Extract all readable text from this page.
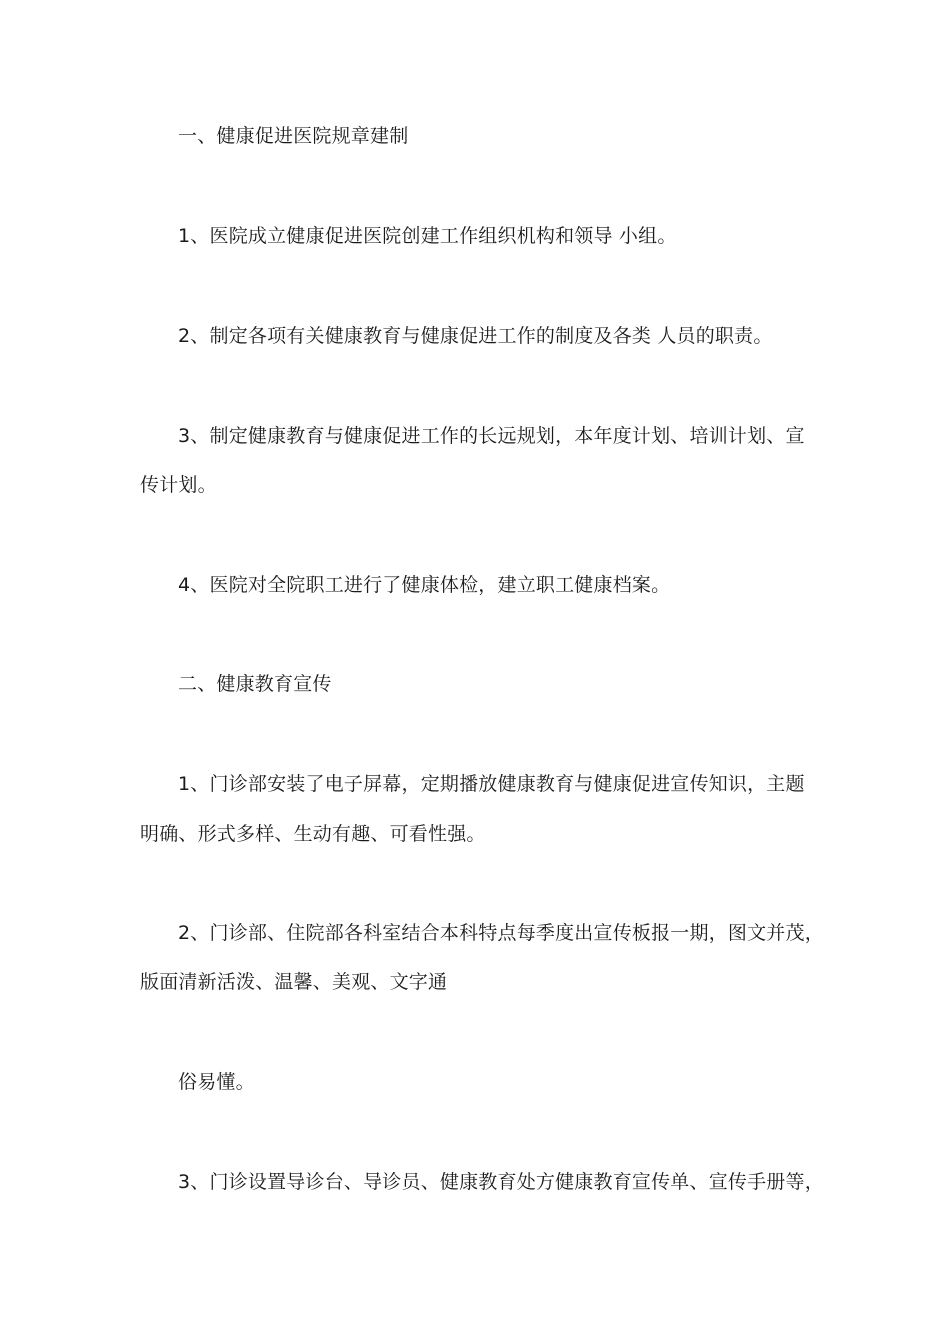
一、健康促进医院规章建制
1、医院成立健康促进医院创建工作组织机构和领导 小组。
2、制定各项有关健康教育与健康促进工作的制度及各类 人员的职责。
3、制定健康教育与健康促进工作的长远规划，本年度计划、培训计划、宣
传计划。
4、医院对全院职工进行了健康体检，建立职工健康档案。
二、健康教育宣传
1、门诊部安装了电子屏幕，定期播放健康教育与健康促进宣传知识，主题
明确、形式多样、生动有趣、可看性强。
2、门诊部、住院部各科室结合本科特点每季度出宣传板报一期，图文并茂，
版面清新活泼、温馨、美观、文字通
俗易懂。
3、门诊设置导诊台、导诊员、健康教育处方健康教育宣传单、宣传手册等，
